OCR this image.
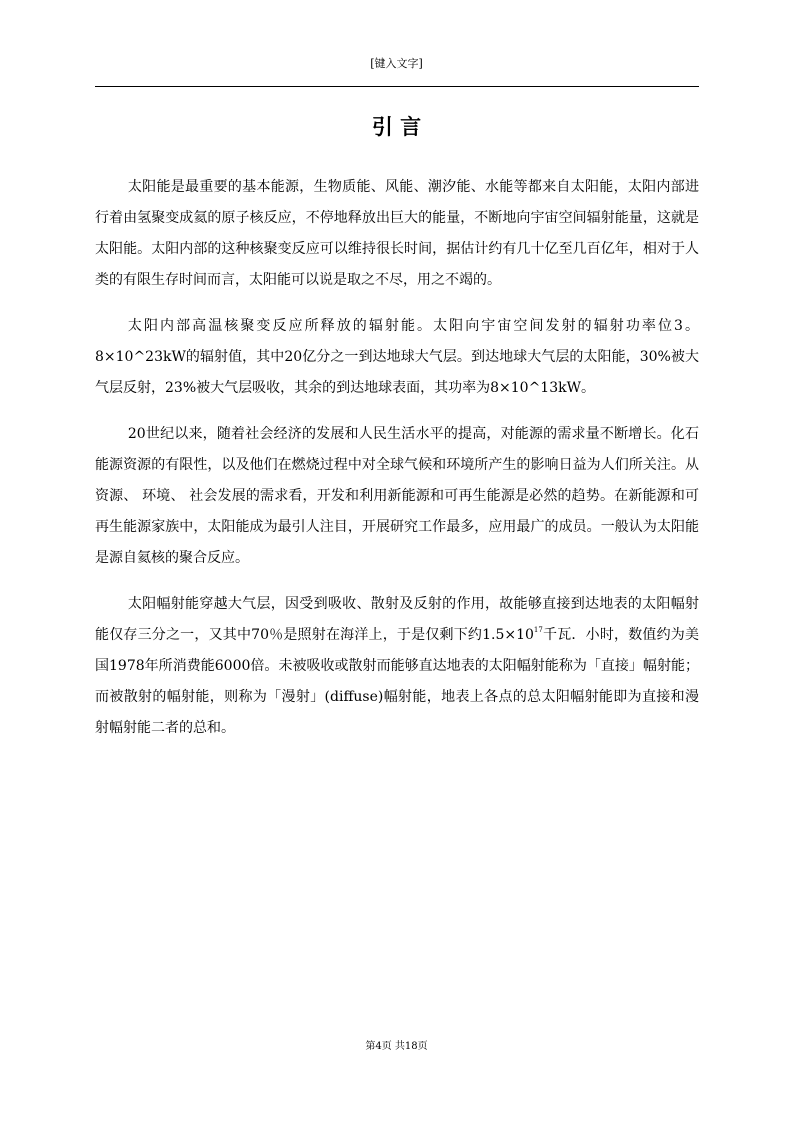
[键入文字]
引 言

太阳能是最重要的基本能源，生物质能、风能、潮汐能、水能等都来自太阳能，太阳内部进行着由氢聚变成氦的原子核反应，不停地释放出巨大的能量，不断地向宇宙空间辐射能量，这就是太阳能。太阳内部的这种核聚变反应可以维持很长时间，据估计约有几十亿至几百亿年，相对于人类的有限生存时间而言，太阳能可以说是取之不尽，用之不竭的。

太阳内部高温核聚变反应所释放的辐射能。太阳向宇宙空间发射的辐射功率位3。8×10^23kW的辐射值，其中20亿分之一到达地球大气层。到达地球大气层的太阳能，30%被大气层反射，23%被大气层吸收，其余的到达地球表面，其功率为8×10^13kW。

20世纪以来，随着社会经济的发展和人民生活水平的提高，对能源的需求量不断增长。化石能源资源的有限性，以及他们在燃烧过程中对全球气候和环境所产生的影响日益为人们所关注。从资源、 环境、 社会发展的需求看，开发和利用新能源和可再生能源是必然的趋势。在新能源和可再生能源家族中，太阳能成为最引人注目，开展研究工作最多，应用最广的成员。一般认为太阳能是源自氦核的聚合反应。

太阳幅射能穿越大气层，因受到吸收、散射及反射的作用，故能够直接到达地表的太阳幅射能仅存三分之一，又其中70％是照射在海洋上，于是仅剩下约$1.5\times 10^{17}$千瓦．小时，数值约为美国1978年所消费能6000倍。未被吸收或散射而能够直达地表的太阳幅射能称为「直接」幅射能；而被散射的幅射能，则称为「漫射」(diffuse)幅射能，地表上各点的总太阳幅射能即为直接和漫射幅射能二者的总和。

第4页 共18页
